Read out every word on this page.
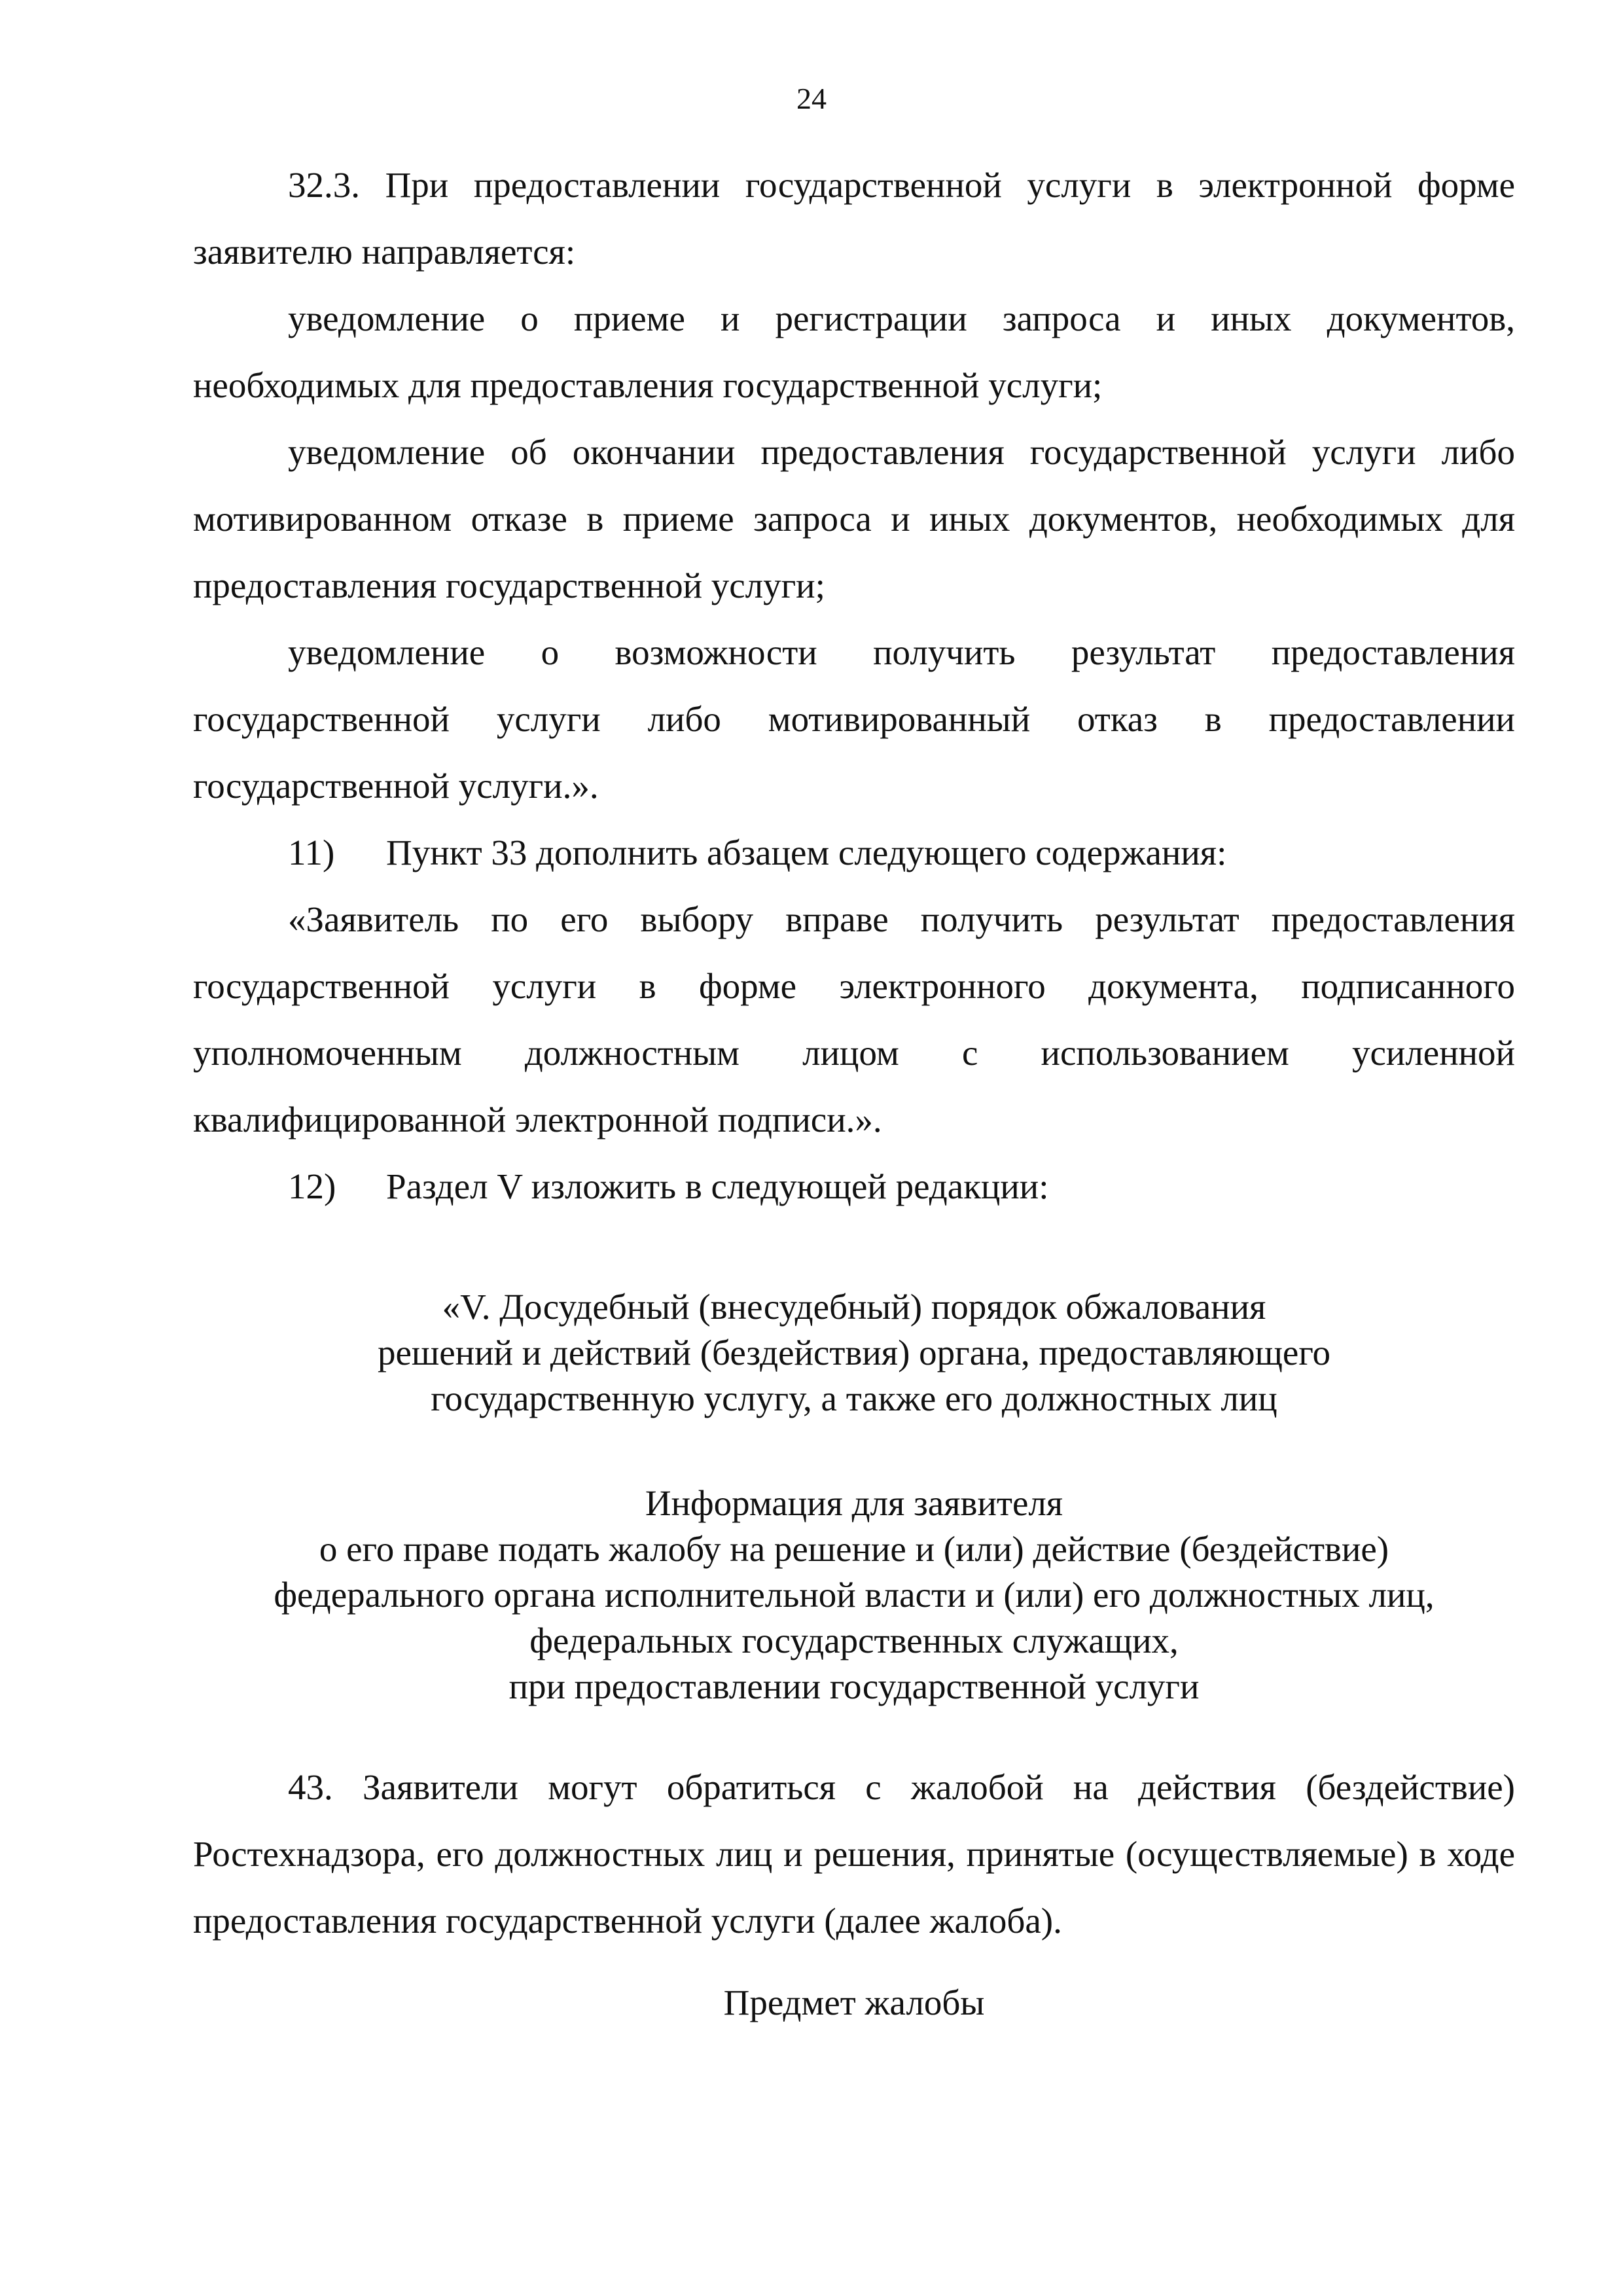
24

32.3. При предоставлении государственной услуги в электронной форме заявителю направляется:

уведомление о приеме и регистрации запроса и иных документов, необходимых для предоставления государственной услуги;

уведомление об окончании предоставления государственной услуги либо мотивированном отказе в приеме запроса и иных документов, необходимых для предоставления государственной услуги;

уведомление о возможности получить результат предоставления государственной услуги либо мотивированный отказ в предоставлении государственной услуги.».

11) Пункт 33 дополнить абзацем следующего содержания:

«Заявитель по его выбору вправе получить результат предоставления государственной услуги в форме электронного документа, подписанного уполномоченным должностным лицом с использованием усиленной квалифицированной электронной подписи.».

12) Раздел V изложить в следующей редакции:

«V. Досудебный (внесудебный) порядок обжалования

решений и действий (бездействия) органа, предоставляющего

государственную услугу, а также его должностных лиц

Информация для заявителя

о его праве подать жалобу на решение и (или) действие (бездействие)

федерального органа исполнительной власти и (или) его должностных лиц,

федеральных государственных служащих,

при предоставлении государственной услуги

43. Заявители могут обратиться с жалобой на действия (бездействие) Ростехнадзора, его должностных лиц и решения, принятые (осуществляемые) в ходе предоставления государственной услуги (далее жалоба).

Предмет жалобы
